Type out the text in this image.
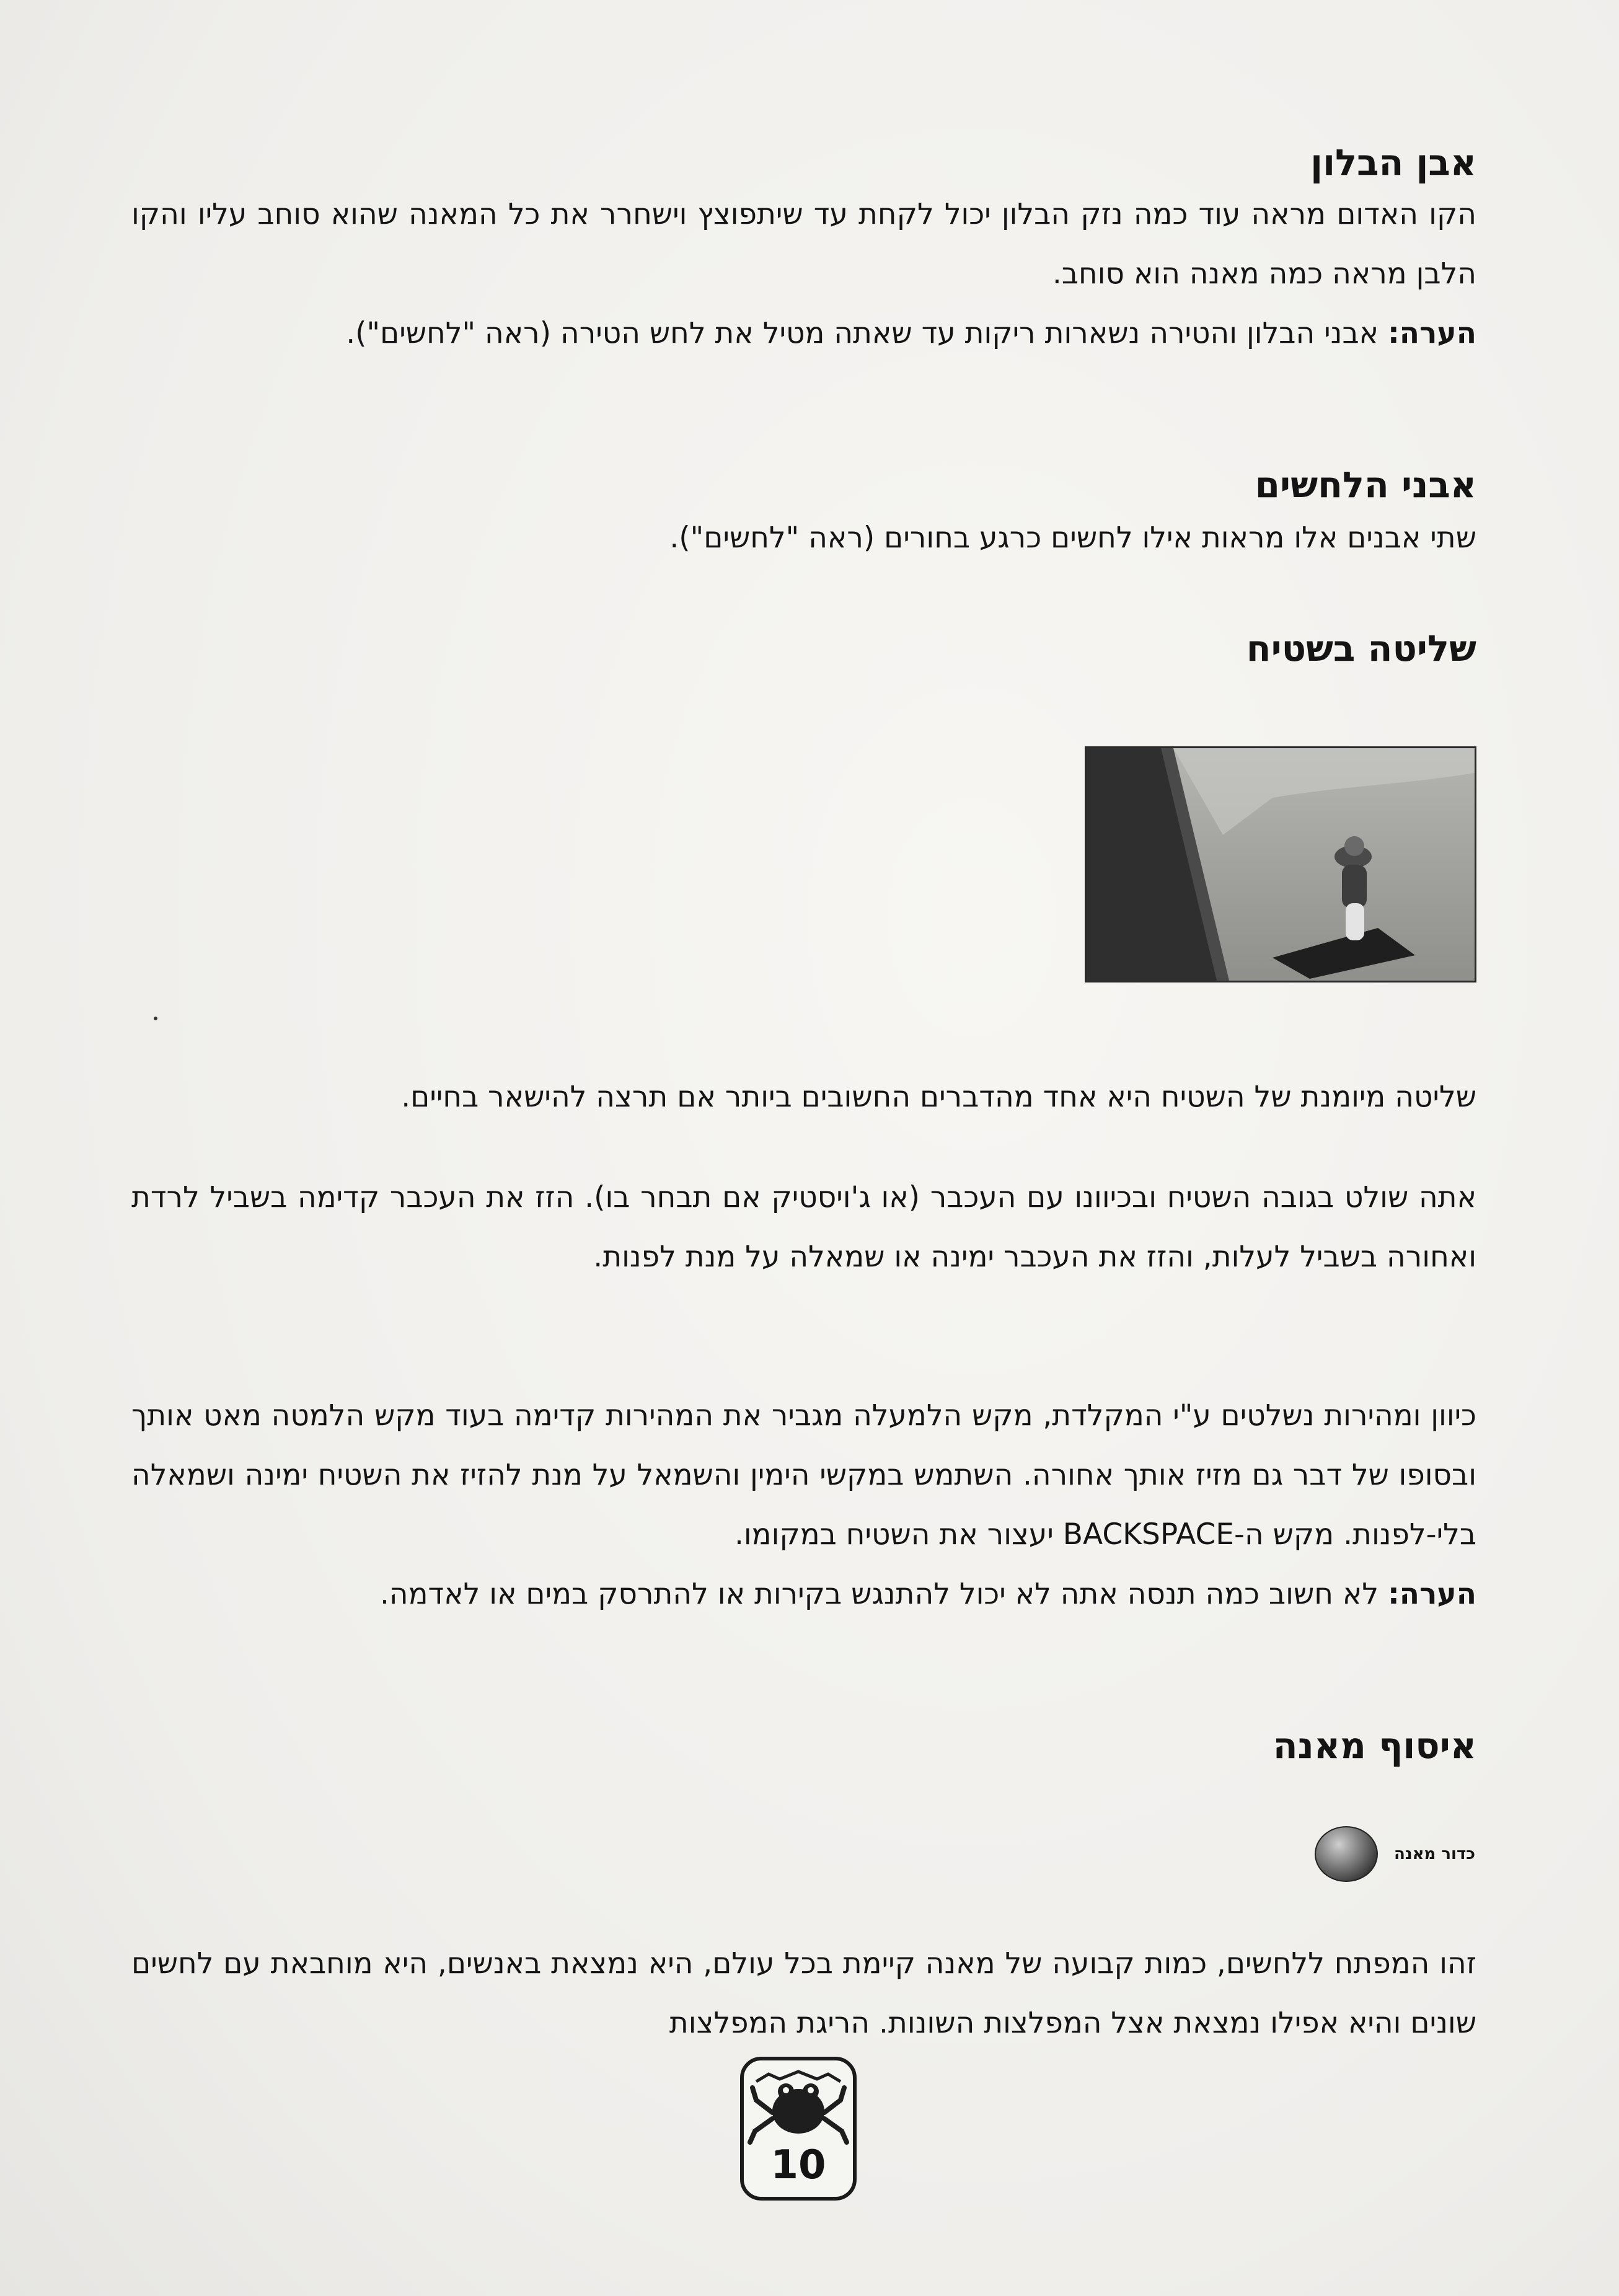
אבן הבלון

הקו האדום מראה עוד כמה נזק הבלון יכול לקחת עד שיתפוצץ וישחרר את כל המאנה שהוא סוחב עליו והקו הלבן מראה כמה מאנה הוא סוחב.

הערה: אבני הבלון והטירה נשארות ריקות עד שאתה מטיל את לחש הטירה (ראה "לחשים").

אבני הלחשים

שתי אבנים אלו מראות אילו לחשים כרגע בחורים (ראה "לחשים").

שליטה בשטיח

שליטה מיומנת של השטיח היא אחד מהדברים החשובים ביותר אם תרצה להישאר בחיים.

אתה שולט בגובה השטיח ובכיוונו עם העכבר (או ג'ויסטיק אם תבחר בו). הזז את העכבר קדימה בשביל לרדת ואחורה בשביל לעלות, והזז את העכבר ימינה או שמאלה על מנת לפנות.

כיוון ומהירות נשלטים ע"י המקלדת, מקש הלמעלה מגביר את המהירות קדימה בעוד מקש הלמטה מאט אותך ובסופו של דבר גם מזיז אותך אחורה. השתמש במקשי הימין והשמאל על מנת להזיז את השטיח ימינה ושמאלה בלי-לפנות. מקש ה-BACKSPACE יעצור את השטיח במקומו.

הערה: לא חשוב כמה תנסה אתה לא יכול להתנגש בקירות או להתרסק במים או לאדמה.

איסוף מאנה
כדור מאנה

זהו המפתח ללחשים, כמות קבועה של מאנה קיימת בכל עולם, היא נמצאת באנשים, היא מוחבאת עם לחשים שונים והיא אפילו נמצאת אצל המפלצות השונות. הריגת המפלצות

10
